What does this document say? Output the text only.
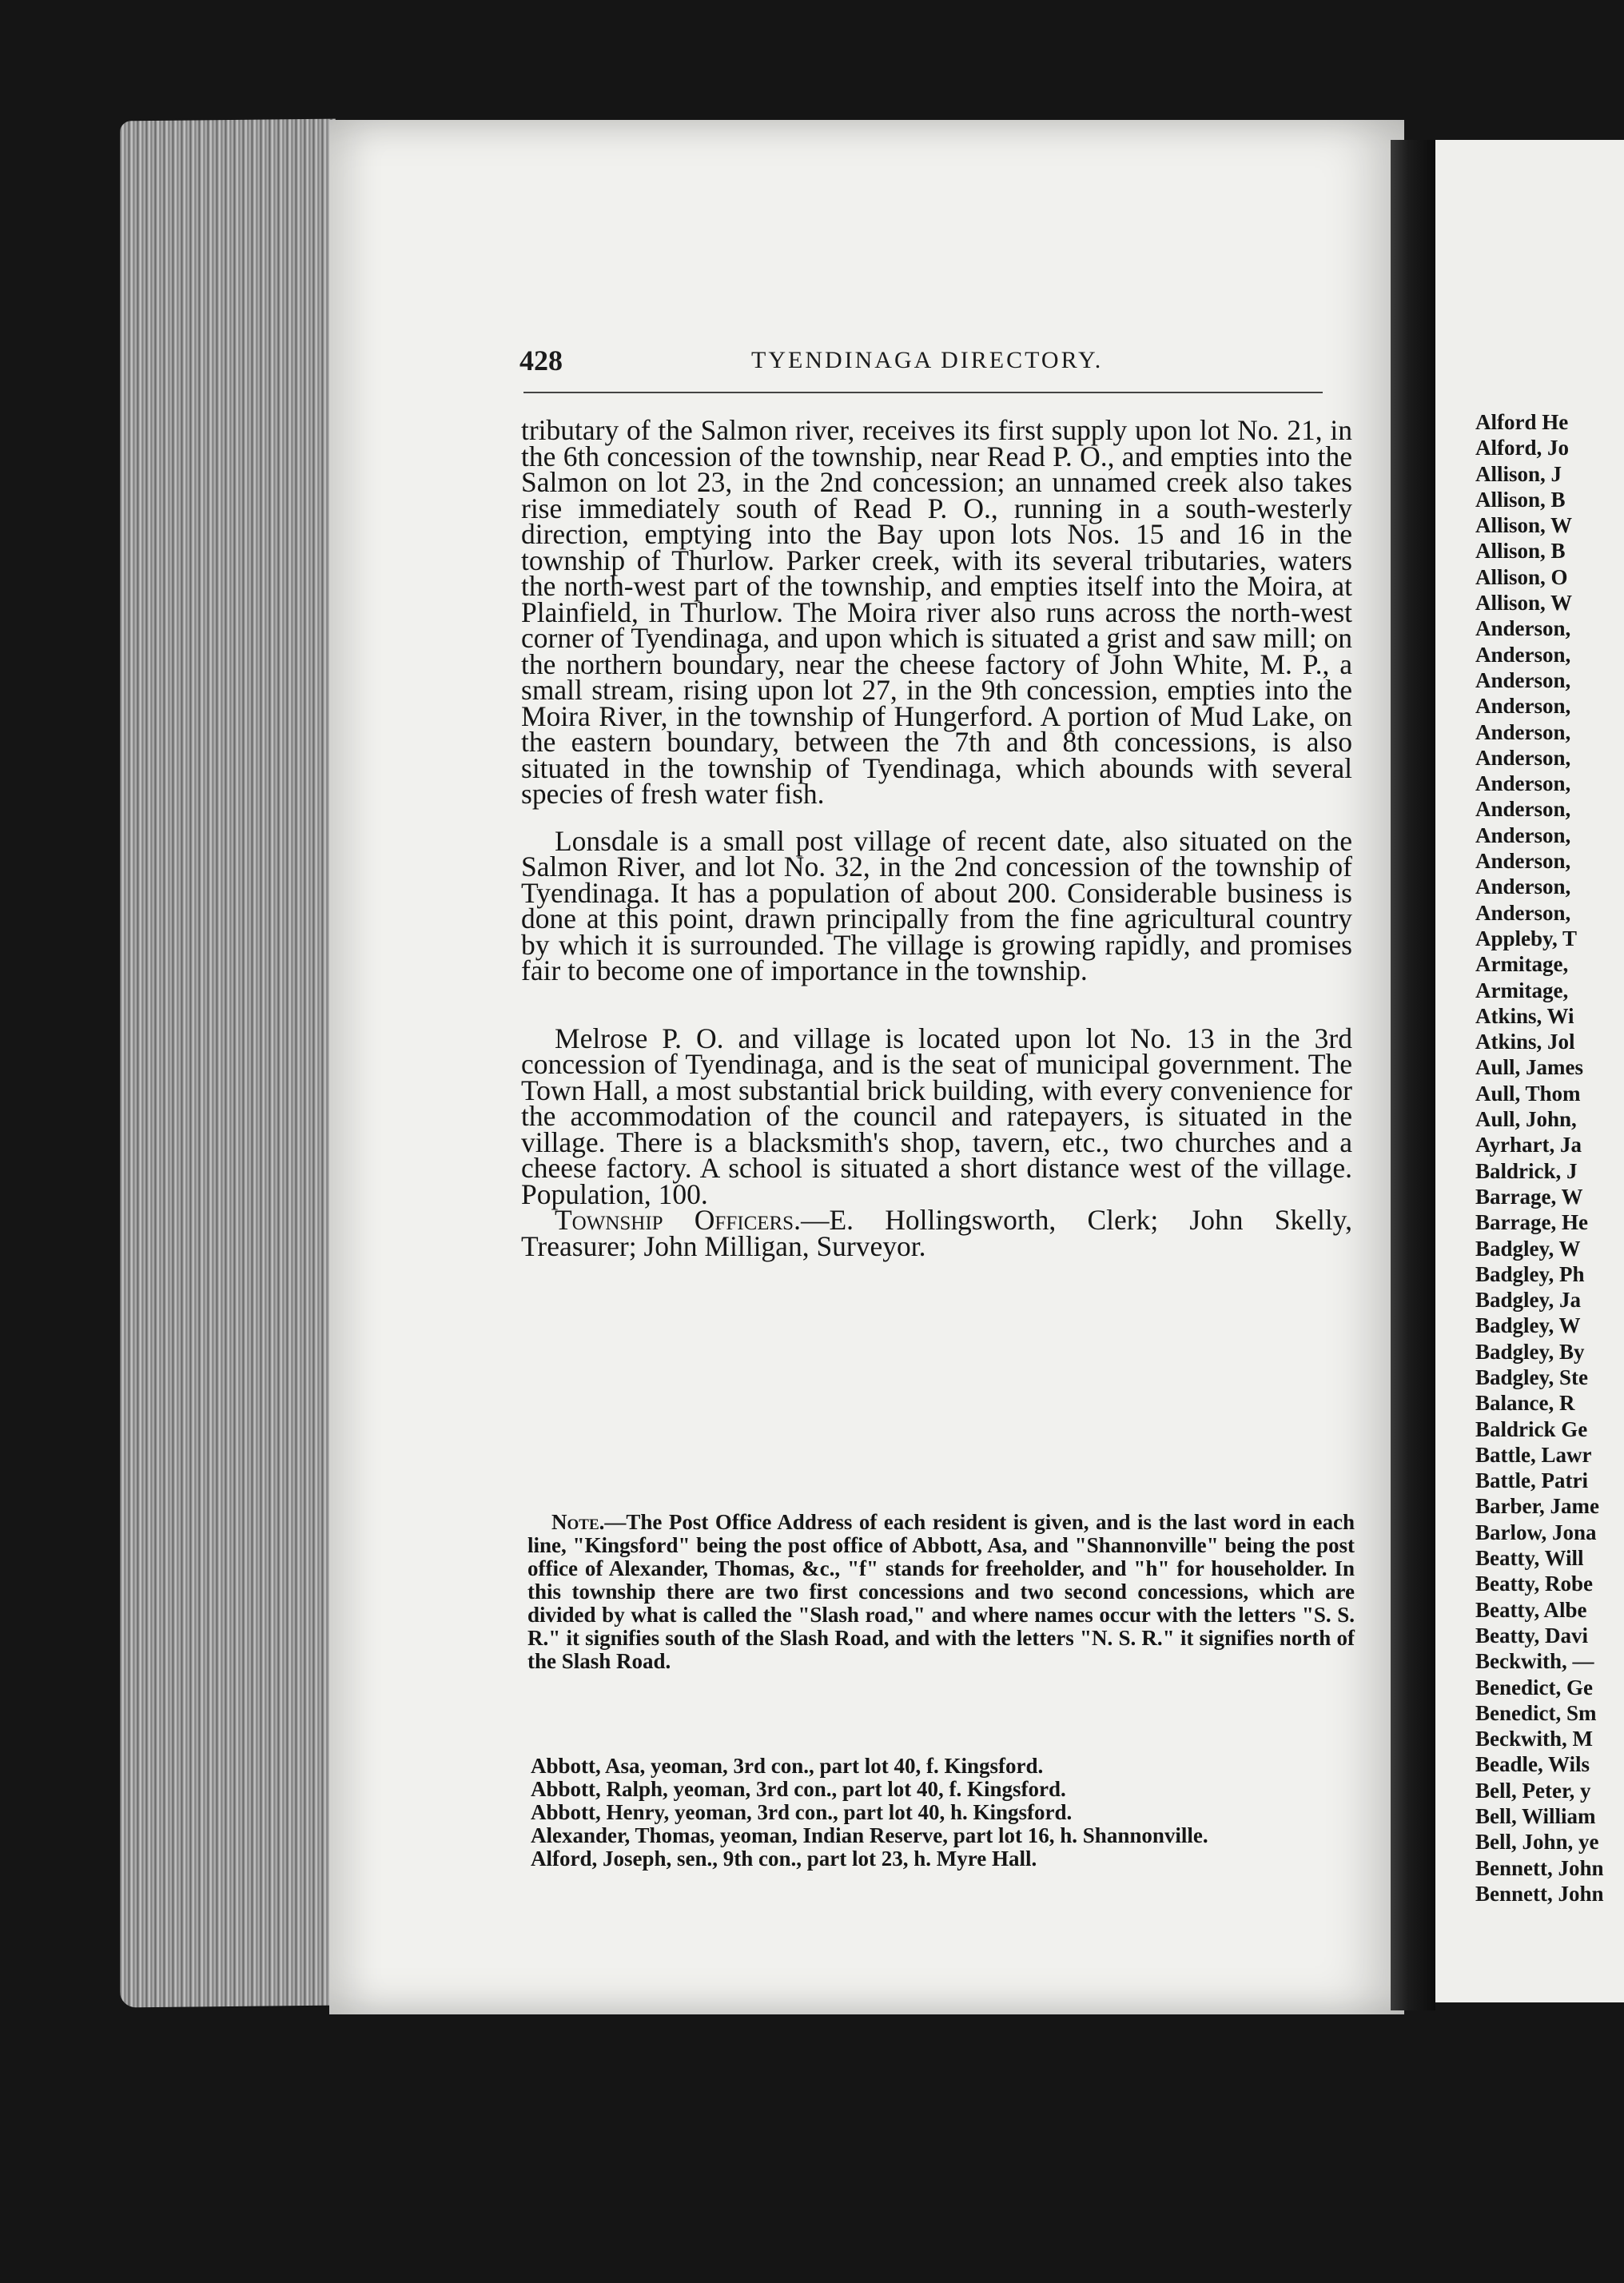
428	TYENDINAGA DIRECTORY.

tributary of the Salmon river, receives its first supply upon lot No. 21, in the 6th concession of the township, near Read P. O., and empties into the Salmon on lot 23, in the 2nd concession; an unnamed creek also takes rise immediately south of Read P. O., running in a south-westerly direction, emptying into the Bay upon lots Nos. 15 and 16 in the township of Thurlow. Parker creek, with its several tributaries, waters the north-west part of the township, and empties itself into the Moira, at Plainfield, in Thurlow. The Moira river also runs across the north-west corner of Tyendinaga, and upon which is situated a grist and saw mill; on the northern boundary, near the cheese factory of John White, M. P., a small stream, rising upon lot 27, in the 9th concession, empties into the Moira River, in the township of Hungerford. A portion of Mud Lake, on the eastern boundary, between the 7th and 8th concessions, is also situated in the township of Tyendinaga, which abounds with several species of fresh water fish.

Lonsdale is a small post village of recent date, also situated on the Salmon River, and lot No. 32, in the 2nd concession of the township of Tyendinaga. It has a population of about 200. Considerable business is done at this point, drawn principally from the fine agricultural country by which it is surrounded. The village is growing rapidly, and promises fair to become one of importance in the township.

Melrose P. O. and village is located upon lot No. 13 in the 3rd concession of Tyendinaga, and is the seat of municipal government. The Town Hall, a most substantial brick building, with every convenience for the accommodation of the council and ratepayers, is situated in the village. There is a blacksmith's shop, tavern, etc., two churches and a cheese factory. A school is situated a short distance west of the village. Population, 100.

Township Officers.—E. Hollingsworth, Clerk; John Skelly, Treasurer; John Milligan, Surveyor.

Note.—The Post Office Address of each resident is given, and is the last word in each line, "Kingsford" being the post office of Abbott, Asa, and "Shannonville" being the post office of Alexander, Thomas, &c., "f" stands for freeholder, and "h" for householder. In this township there are two first concessions and two second concessions, which are divided by what is called the "Slash road," and where names occur with the letters "S. S. R." it signifies south of the Slash Road, and with the letters "N. S. R." it signifies north of the Slash Road.
Abbott, Asa, yeoman, 3rd con., part lot 40, f. Kingsford.
Abbott, Ralph, yeoman, 3rd con., part lot 40, f. Kingsford.
Abbott, Henry, yeoman, 3rd con., part lot 40, h. Kingsford.
Alexander, Thomas, yeoman, Indian Reserve, part lot 16, h. Shannonville.
Alford, Joseph, sen., 9th con., part lot 23, h. Myre Hall.
Alford He
Alford, Jo
Allison, J
Allison, B
Allison, W
Allison, B
Allison, O
Allison, W
Anderson,
Anderson,
Anderson,
Anderson,
Anderson,
Anderson,
Anderson,
Anderson,
Anderson,
Anderson,
Anderson,
Anderson,
Appleby, T
Armitage,
Armitage,
Atkins, Wi
Atkins, Jol
Aull, James
Aull, Thom
Aull, John,
Ayrhart, Ja
Baldrick, J
Barrage, W
Barrage, He
Badgley, W
Badgley, Ph
Badgley, Ja
Badgley, W
Badgley, By
Badgley, Ste
Balance, R
Baldrick Ge
Battle, Lawr
Battle, Patri
Barber, Jame
Barlow, Jona
Beatty, Will
Beatty, Robe
Beatty, Albe
Beatty, Davi
Beckwith, —
Benedict, Ge
Benedict, Sm
Beckwith, M
Beadle, Wils
Bell, Peter, y
Bell, William
Bell, John, ye
Bennett, John
Bennett, John
